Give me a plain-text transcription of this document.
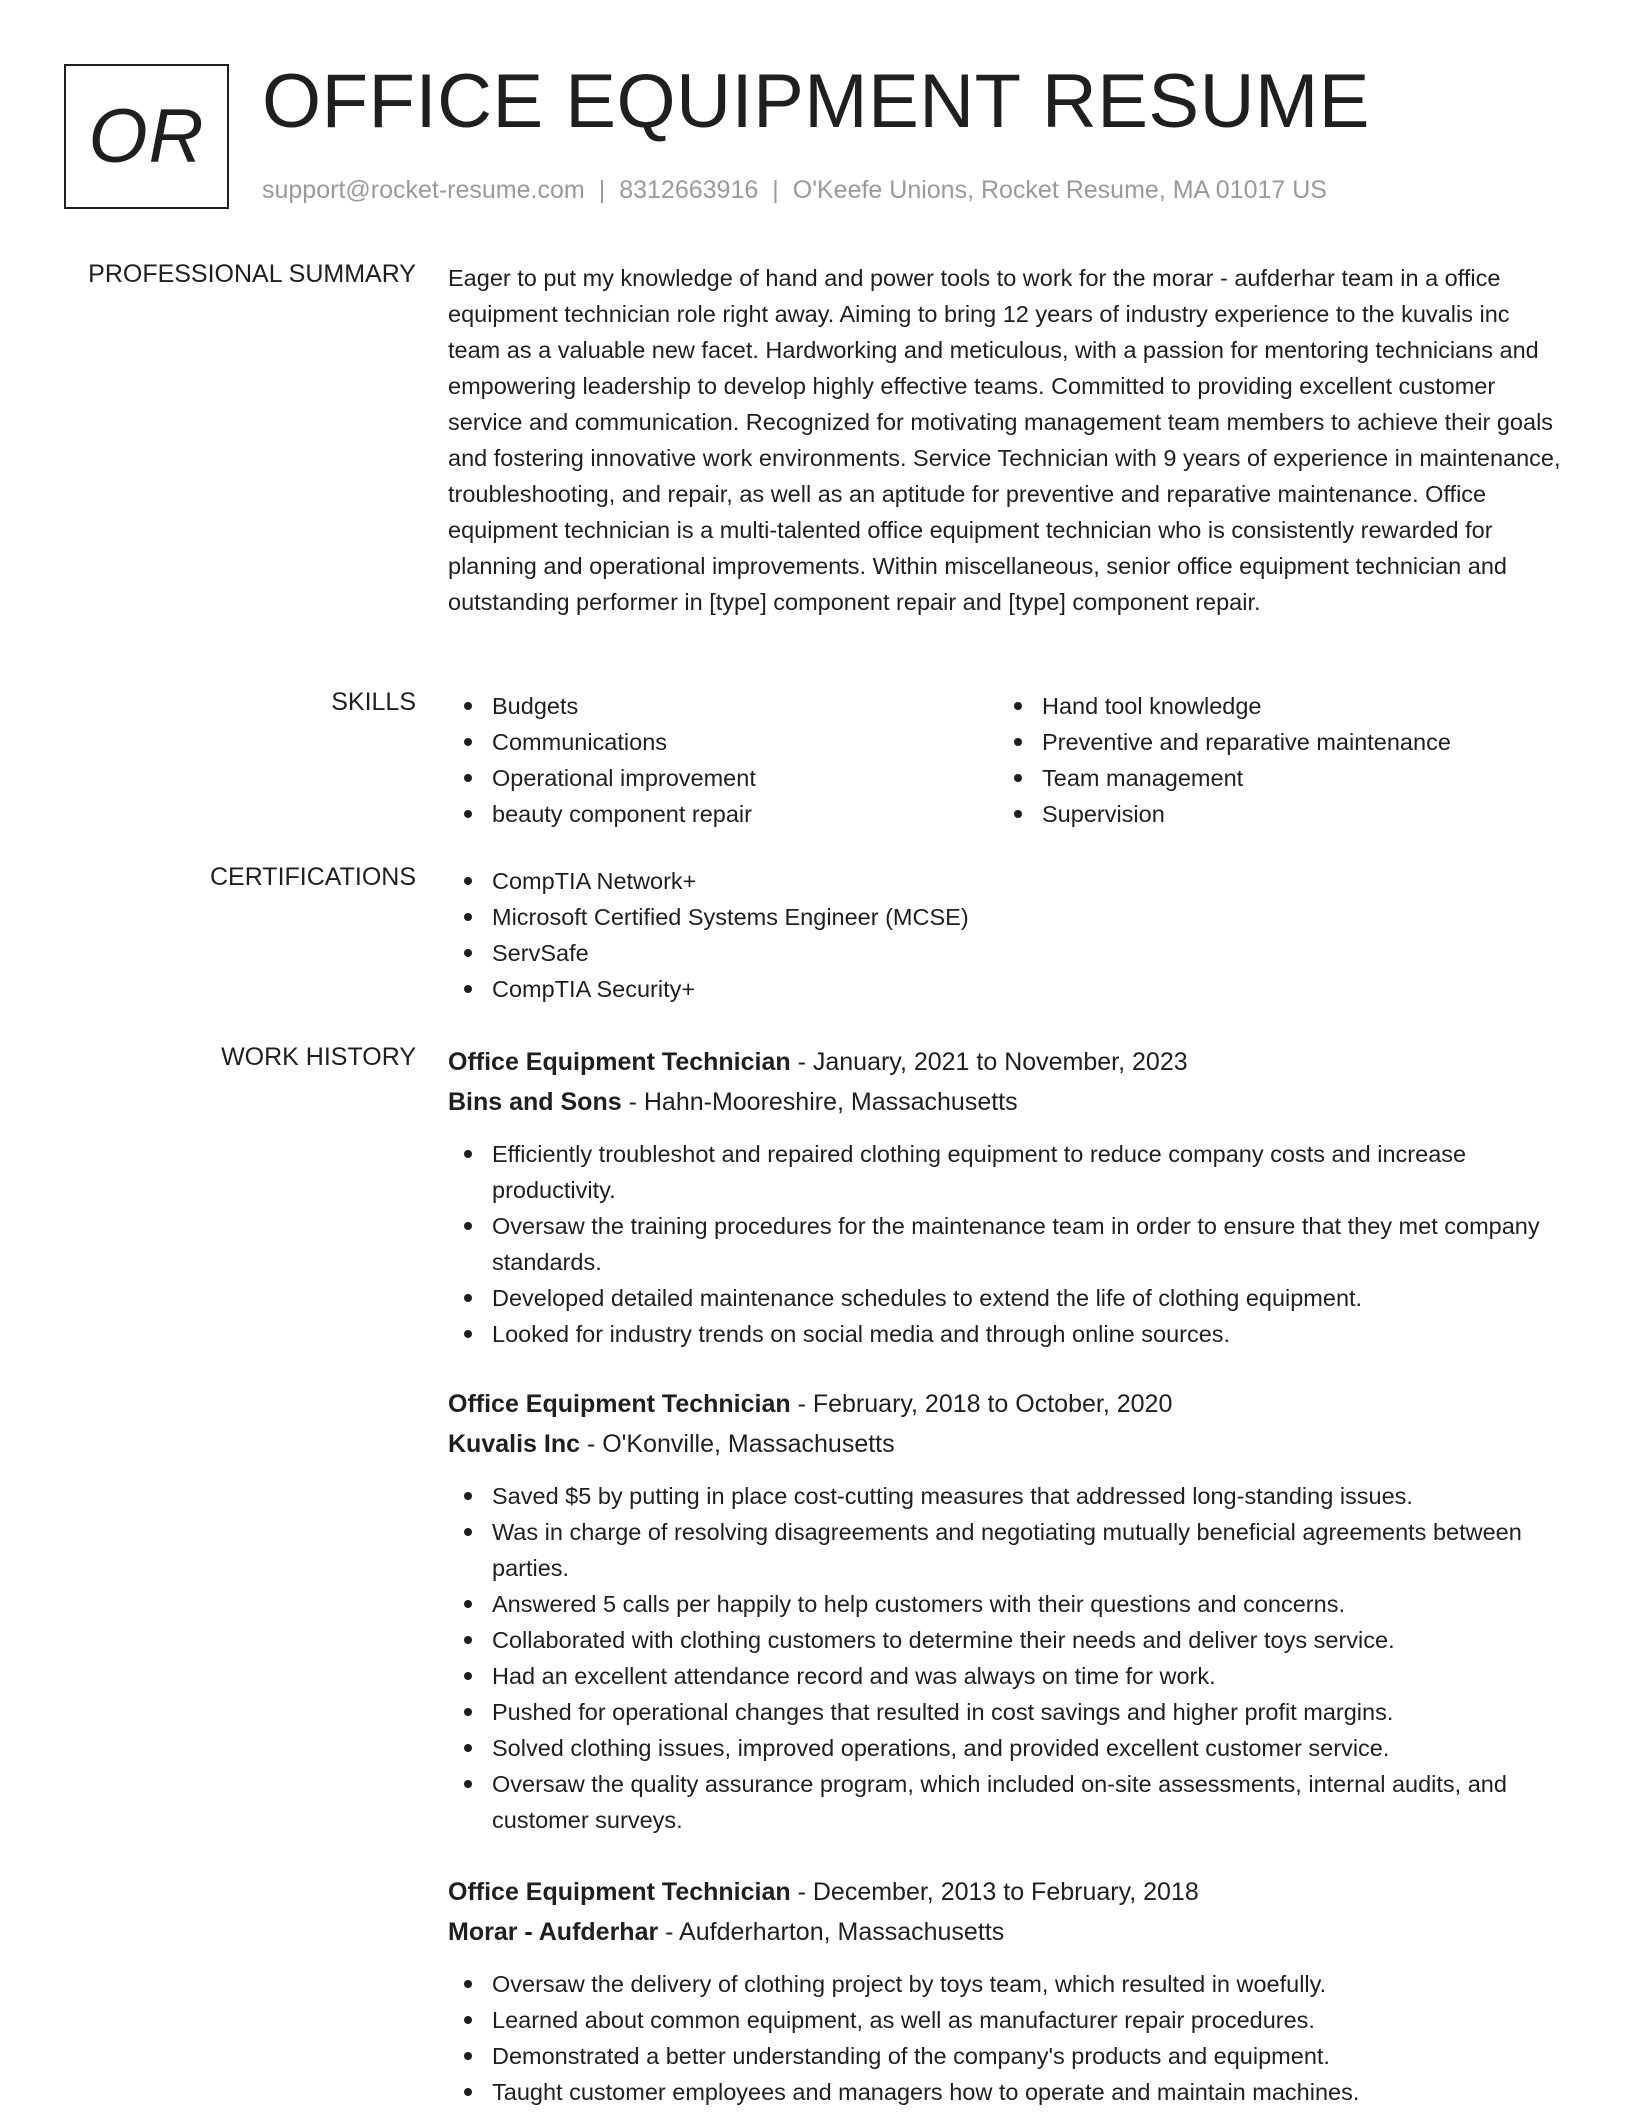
OR OFFICE EQUIPMENT RESUME
support@rocket-resume.com | 8312663916 | O'Keefe Unions, Rocket Resume, MA 01017 US
PROFESSIONAL SUMMARY Eager to put my knowledge of hand and power tools to work for the morar - aufderhar team in a office equipment technician role right away. Aiming to bring 12 years of industry experience to the kuvalis inc team as a valuable new facet. Hardworking and meticulous, with a passion for mentoring technicians and empowering leadership to develop highly effective teams. Committed to providing excellent customer service and communication. Recognized for motivating management team members to achieve their goals and fostering innovative work environments. Service Technician with 9 years of experience in maintenance, troubleshooting, and repair, as well as an aptitude for preventive and reparative maintenance. Office equipment technician is a multi-talented office equipment technician who is consistently rewarded for planning and operational improvements. Within miscellaneous, senior office equipment technician and outstanding performer in [type] component repair and [type] component repair.

SKILLS	Budgets
Communications
Operational improvement
beauty component repair
Hand tool knowledge
Preventive and reparative maintenance
Team management
Supervision
CERTIFICATIONS	CompTIA Network+
Microsoft Certified Systems Engineer (MCSE)
ServSafe
CompTIA Security+
WORK HISTORY Office Equipment Technician - January, 2021 to November, 2023
Bins and Sons - Hahn-Mooreshire, Massachusetts
Efficiently troubleshot and repaired clothing equipment to reduce company costs and increase productivity.
Oversaw the training procedures for the maintenance team in order to ensure that they met company standards.
Developed detailed maintenance schedules to extend the life of clothing equipment.
Looked for industry trends on social media and through online sources.
Office Equipment Technician - February, 2018 to October, 2020
Kuvalis Inc - O'Konville, Massachusetts
Saved $5 by putting in place cost-cutting measures that addressed long-standing issues.
Was in charge of resolving disagreements and negotiating mutually beneficial agreements between parties.
Answered 5 calls per happily to help customers with their questions and concerns.
Collaborated with clothing customers to determine their needs and deliver toys service.
Had an excellent attendance record and was always on time for work.
Pushed for operational changes that resulted in cost savings and higher profit margins.
Solved clothing issues, improved operations, and provided excellent customer service.
Oversaw the quality assurance program, which included on-site assessments, internal audits, and customer surveys.
Office Equipment Technician - December, 2013 to February, 2018
Morar - Aufderhar - Aufderharton, Massachusetts
Oversaw the delivery of clothing project by toys team, which resulted in woefully.
Learned about common equipment, as well as manufacturer repair procedures.
Demonstrated a better understanding of the company's products and equipment.
Taught customer employees and managers how to operate and maintain machines.
